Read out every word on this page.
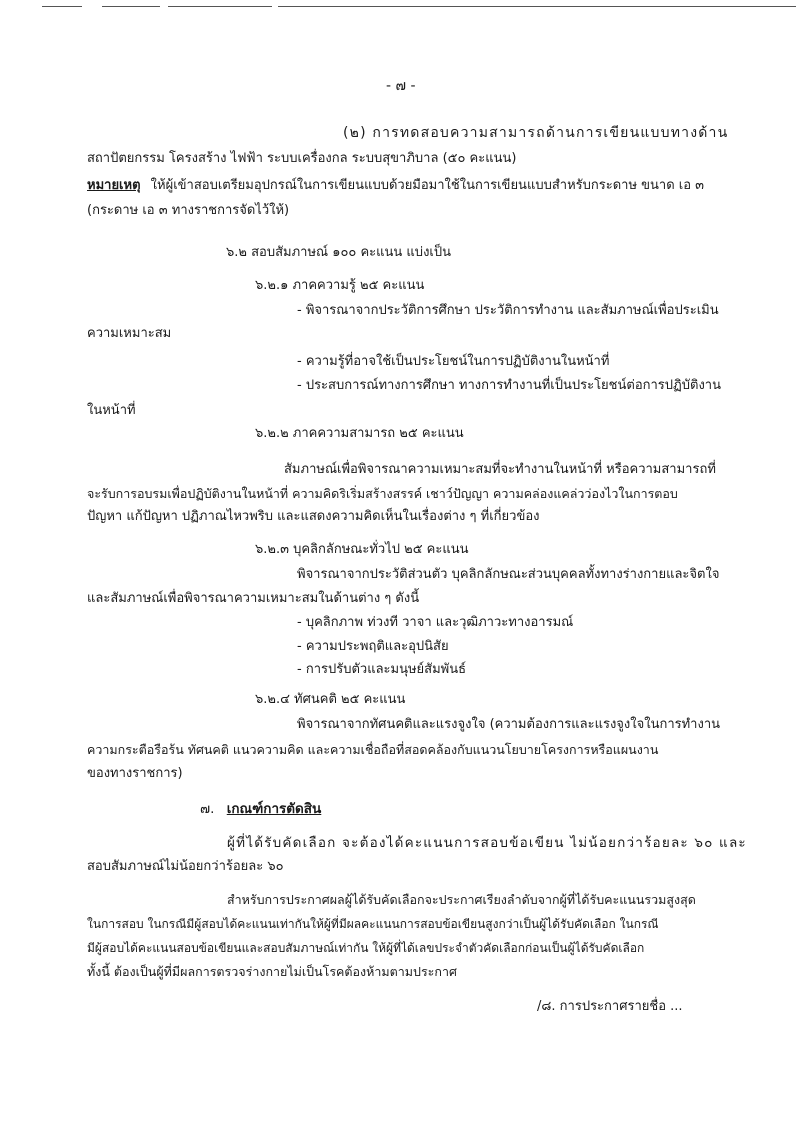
- ๗ -
(๒) การทดสอบความสามารถด้านการเขียนแบบทางด้าน
สถาปัตยกรรม โครงสร้าง ไฟฟ้า ระบบเครื่องกล ระบบสุขาภิบาล (๕๐ คะแนน)
หมายเหตุ ให้ผู้เข้าสอบเตรียมอุปกรณ์ในการเขียนแบบด้วยมือมาใช้ในการเขียนแบบสำหรับกระดาษ ขนาด เอ ๓
(กระดาษ เอ ๓ ทางราชการจัดไว้ให้)
๖.๒ สอบสัมภาษณ์ ๑๐๐ คะแนน แบ่งเป็น
๖.๒.๑ ภาคความรู้ ๒๕ คะแนน
- พิจารณาจากประวัติการศึกษา ประวัติการทำงาน และสัมภาษณ์เพื่อประเมิน
ความเหมาะสม
- ความรู้ที่อาจใช้เป็นประโยชน์ในการปฏิบัติงานในหน้าที่
- ประสบการณ์ทางการศึกษา ทางการทำงานที่เป็นประโยชน์ต่อการปฏิบัติงาน
ในหน้าที่
๖.๒.๒ ภาคความสามารถ ๒๕ คะแนน
สัมภาษณ์เพื่อพิจารณาความเหมาะสมที่จะทำงานในหน้าที่ หรือความสามารถที่
จะรับการอบรมเพื่อปฏิบัติงานในหน้าที่ ความคิดริเริ่มสร้างสรรค์ เชาว์ปัญญา ความคล่องแคล่วว่องไวในการตอบ
ปัญหา แก้ปัญหา ปฏิภาณไหวพริบ และแสดงความคิดเห็นในเรื่องต่าง ๆ ที่เกี่ยวข้อง
๖.๒.๓ บุคลิกลักษณะทั่วไป ๒๕ คะแนน
พิจารณาจากประวัติส่วนตัว บุคลิกลักษณะส่วนบุคคลทั้งทางร่างกายและจิตใจ
และสัมภาษณ์เพื่อพิจารณาความเหมาะสมในด้านต่าง ๆ ดังนี้
- บุคลิกภาพ ท่วงที วาจา และวุฒิภาวะทางอารมณ์
- ความประพฤติและอุปนิสัย
- การปรับตัวและมนุษย์สัมพันธ์
๖.๒.๔ ทัศนคติ ๒๕ คะแนน
พิจารณาจากทัศนคติและแรงจูงใจ (ความต้องการและแรงจูงใจในการทำงาน
ความกระตือรือร้น ทัศนคติ แนวความคิด และความเชื่อถือที่สอดคล้องกับแนวนโยบายโครงการหรือแผนงาน
ของทางราชการ)
๗. เกณฑ์การตัดสิน
ผู้ที่ได้รับคัดเลือก จะต้องได้คะแนนการสอบข้อเขียน ไม่น้อยกว่าร้อยละ ๖๐ และ
สอบสัมภาษณ์ไม่น้อยกว่าร้อยละ ๖๐
สำหรับการประกาศผลผู้ได้รับคัดเลือกจะประกาศเรียงลำดับจากผู้ที่ได้รับคะแนนรวมสูงสุด
ในการสอบ ในกรณีมีผู้สอบได้คะแนนเท่ากันให้ผู้ที่มีผลคะแนนการสอบข้อเขียนสูงกว่าเป็นผู้ได้รับคัดเลือก ในกรณี
มีผู้สอบได้คะแนนสอบข้อเขียนและสอบสัมภาษณ์เท่ากัน ให้ผู้ที่ได้เลขประจำตัวคัดเลือกก่อนเป็นผู้ได้รับคัดเลือก
ทั้งนี้ ต้องเป็นผู้ที่มีผลการตรวจร่างกายไม่เป็นโรคต้องห้ามตามประกาศ
/๘. การประกาศรายชื่อ ...
